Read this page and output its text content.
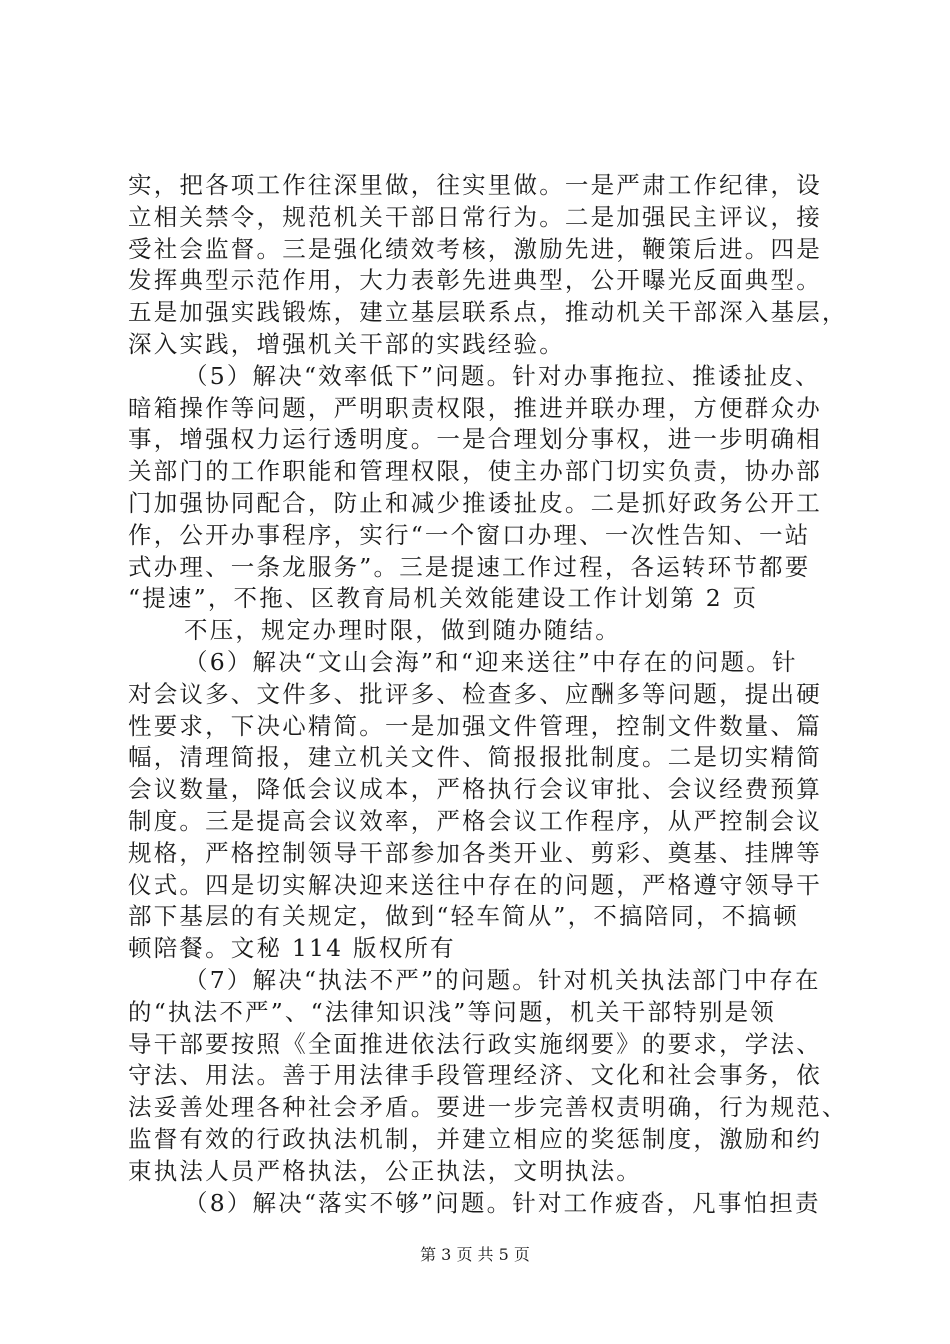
实，把各项工作往深里做，往实里做。一是严肃工作纪律，设
立相关禁令，规范机关干部日常行为。二是加强民主评议，接
受社会监督。三是强化绩效考核，激励先进，鞭策后进。四是
发挥典型示范作用，大力表彰先进典型，公开曝光反面典型。
五是加强实践锻炼，建立基层联系点，推动机关干部深入基层，
深入实践，增强机关干部的实践经验。
（5）解决“效率低下”问题。针对办事拖拉、推诿扯皮、
暗箱操作等问题，严明职责权限，推进并联办理，方便群众办
事，增强权力运行透明度。一是合理划分事权，进一步明确相
关部门的工作职能和管理权限，使主办部门切实负责，协办部
门加强协同配合，防止和减少推诿扯皮。二是抓好政务公开工
作，公开办事程序，实行“一个窗口办理、一次性告知、一站
式办理、一条龙服务”。三是提速工作过程，各运转环节都要
“提速”，不拖、区教育局机关效能建设工作计划第 2 页
不压，规定办理时限，做到随办随结。
（6）解决“文山会海”和“迎来送往”中存在的问题。针
对会议多、文件多、批评多、检查多、应酬多等问题，提出硬
性要求，下决心精简。一是加强文件管理，控制文件数量、篇
幅，清理简报，建立机关文件、简报报批制度。二是切实精简
会议数量，降低会议成本，严格执行会议审批、会议经费预算
制度。三是提高会议效率，严格会议工作程序，从严控制会议
规格，严格控制领导干部参加各类开业、剪彩、奠基、挂牌等
仪式。四是切实解决迎来送往中存在的问题，严格遵守领导干
部下基层的有关规定，做到“轻车简从”，不搞陪同，不搞顿
顿陪餐。文秘 114 版权所有
（7）解决“执法不严”的问题。针对机关执法部门中存在
的“执法不严”、“法律知识浅”等问题，机关干部特别是领
导干部要按照《全面推进依法行政实施纲要》的要求，学法、
守法、用法。善于用法律手段管理经济、文化和社会事务，依
法妥善处理各种社会矛盾。要进一步完善权责明确，行为规范、
监督有效的行政执法机制，并建立相应的奖惩制度，激励和约
束执法人员严格执法，公正执法，文明执法。
（8）解决“落实不够”问题。针对工作疲沓，凡事怕担责
第 3 页 共 5 页
